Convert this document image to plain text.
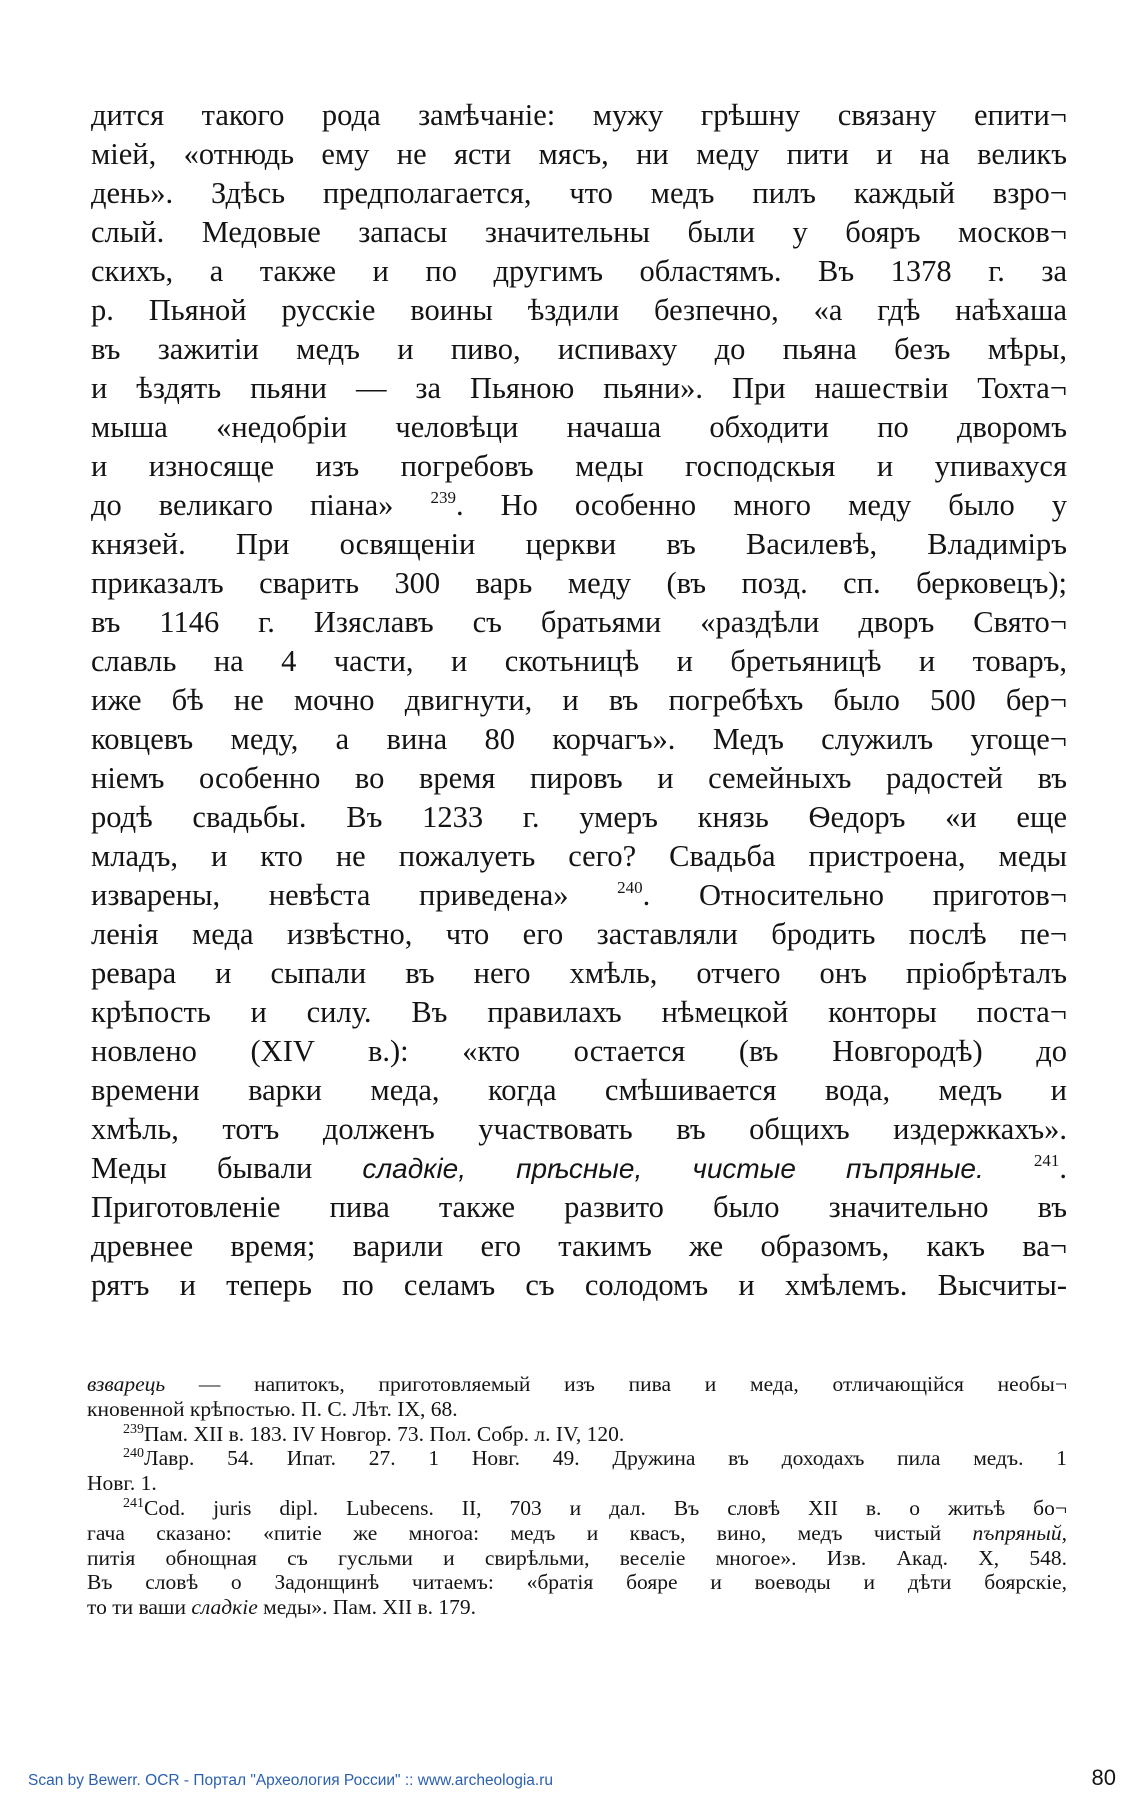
дится такого рода замѣчаніе: мужу грѣшну связану епити¬
міей, «отнюдь ему не ясти мясъ, ни меду пити и на великъ
день». Здѣсь предполагается, что медъ пилъ каждый взро¬
слый. Медовые запасы значительны были у бояръ москов¬
скихъ, а также и по другимъ областямъ. Въ 1378 г. за
р. Пьяной русскіе воины ѣздили безпечно, «а гдѣ наѣхаша
въ зажитіи медъ и пиво, испиваху до пьяна безъ мѣры,
и ѣздять пьяни — за Пьяною пьяни». При нашествіи Тохта¬
мыша «недобріи человѣци начаша обходити по дворомъ
и износяще изъ погребовъ меды господскыя и упивахуся
до великаго піана» $^{239}$. Но особенно много меду было у
князей. При освященіи церкви въ Василевѣ, Владиміръ
приказалъ сварить 300 варь меду (въ позд. сп. берковецъ);
въ 1146 г. Изяславъ съ братьями «раздѣли дворъ Свято¬
славль на 4 части, и скотьницѣ и бретьяницѣ и товаръ,
иже бѣ не мочно двигнути, и въ погребѣхъ было 500 бер¬
ковцевъ меду, а вина 80 корчагъ». Медъ служилъ угоще¬
ніемъ особенно во время пировъ и семейныхъ радостей въ
родѣ свадьбы. Въ 1233 г. умеръ князь Ѳедоръ «и еще
младъ, и кто не пожалуеть сего? Свадьба пристроена, меды
изварены, невѣста приведена»	$^{240}$. Относительно приготов¬
ленія меда извѣстно, что его заставляли бродить послѣ пе¬
ревара и сыпали въ него хмѣль, отчего онъ пріобрѣталъ
крѣпость и силу. Въ правилахъ нѣмецкой конторы поста¬
новлено (XIV в.): «кто остается (въ Новгородѣ) до
времени варки меда, когда смѣшивается вода, медъ и
хмѣль, тотъ долженъ участвовать въ общихъ издержкахъ».
Меды бывали сладкіе, прѣсные, чистые пъпряные.	$^{241}$.
Приготовленіе пива также развито было значительно въ
древнее время; варили его такимъ же образомъ, какъ ва¬
рятъ и теперь по селамъ съ солодомъ и хмѣлемъ. Высчиты-
взварець — напитокъ, приготовляемый изъ пива и меда, отличающійся необы¬
кновенной крѣпостью. П. С. Лѣт. IX, 68.
$^{239}$Пам. XII в. 183. IV Новгор. 73. Пол. Собр. л. IV, 120.
$^{240}$Лавр. 54. Ипат. 27. 1 Новг. 49. Дружина въ доходахъ пила медъ. 1
Новг. 1.
$^{241}$Cod. juris dipl. Lubecens. II, 703 и дал. Въ словѣ XII в. о житьѣ бо¬
гача сказано: «питіе же многоа: медъ и квасъ, вино, медъ чистый пъпряный,
питія обнощная съ гусльми и свирѣльми, веселіе многое». Изв. Акад. X, 548.
Въ словѣ о Задонщинѣ читаемъ: «братія бояре и воеводы и дѣти боярскіе,
то ти ваши сладкіе меды». Пам. XII в. 179.
Scan by Bewerr. OCR - Портал "Археология России" :: www.archeologia.ru	80
